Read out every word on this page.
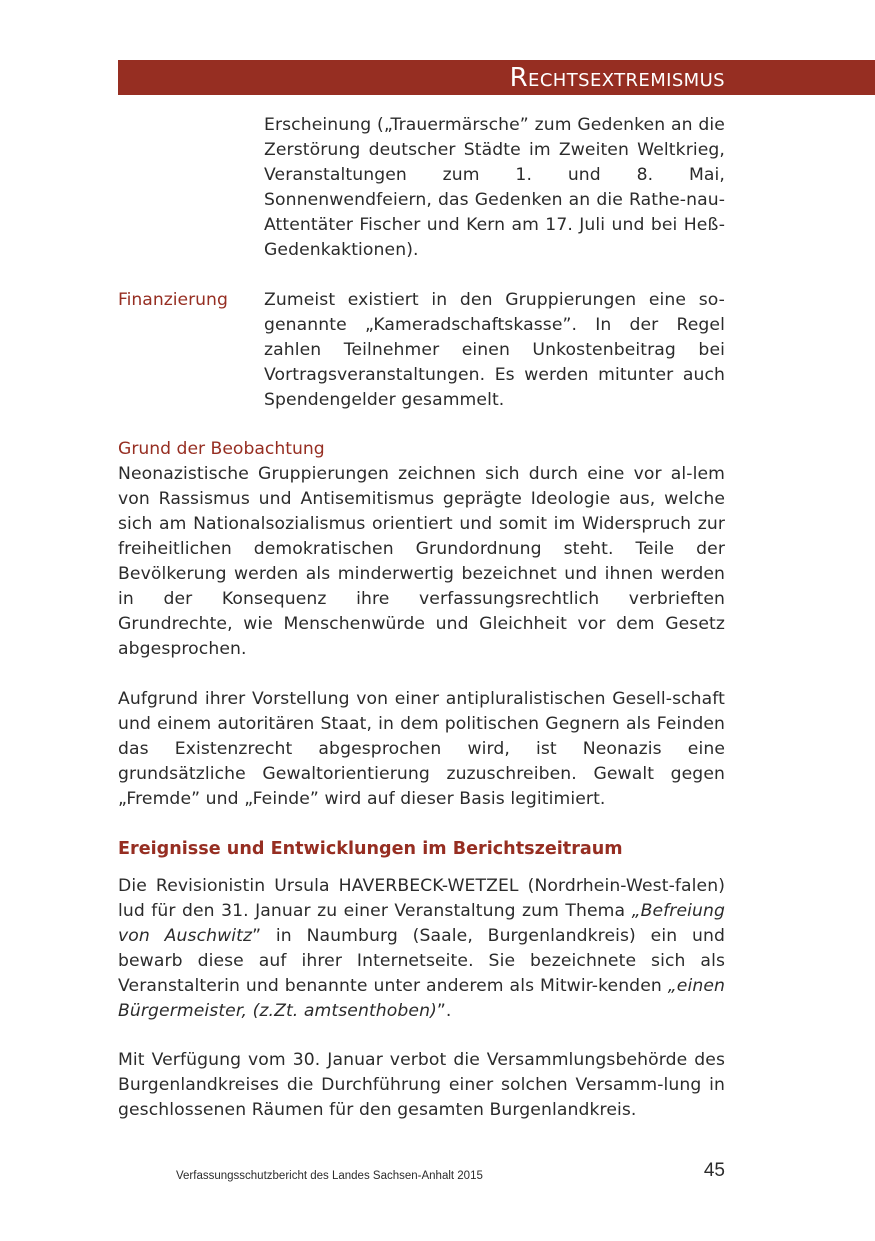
Rechtsextremismus

Erscheinung („Trauermärsche” zum Gedenken an die Zerstörung deutscher Städte im Zweiten Weltkrieg, Veranstaltungen zum 1. und 8. Mai, Sonnenwendfeiern, das Gedenken an die Rathe-nau-Attentäter Fischer und Kern am 17. Juli und bei Heß-Gedenkaktionen).

Finanzierung Zumeist existiert in den Gruppierungen eine so-genannte „Kameradschaftskasse”. In der Regel zahlen Teilnehmer einen Unkostenbeitrag bei Vortragsveranstaltungen. Es werden mitunter auch Spendengelder gesammelt.

Grund der Beobachtung

Neonazistische Gruppierungen zeichnen sich durch eine vor al-lem von Rassismus und Antisemitismus geprägte Ideologie aus, welche sich am Nationalsozialismus orientiert und somit im Widerspruch zur freiheitlichen demokratischen Grundordnung steht. Teile der Bevölkerung werden als minderwertig bezeichnet und ihnen werden in der Konsequenz ihre verfassungsrechtlich verbrieften Grundrechte, wie Menschenwürde und Gleichheit vor dem Gesetz abgesprochen.

Aufgrund ihrer Vorstellung von einer antipluralistischen Gesell-schaft und einem autoritären Staat, in dem politischen Gegnern als Feinden das Existenzrecht abgesprochen wird, ist Neonazis eine grundsätzliche Gewaltorientierung zuzuschreiben. Gewalt gegen „Fremde” und „Feinde” wird auf dieser Basis legitimiert.

Ereignisse und Entwicklungen im Berichtszeitraum

Die Revisionistin Ursula HAVERBECK-WETZEL (Nordrhein-West-falen) lud für den 31. Januar zu einer Veranstaltung zum Thema „Befreiung von Auschwitz” in Naumburg (Saale, Burgenlandkreis) ein und bewarb diese auf ihrer Internetseite. Sie bezeichnete sich als Veranstalterin und benannte unter anderem als Mitwir-kenden „einen Bürgermeister, (z.Zt. amtsenthoben)”.

Mit Verfügung vom 30. Januar verbot die Versammlungsbehörde des Burgenlandkreises die Durchführung einer solchen Versamm-lung in geschlossenen Räumen für den gesamten Burgenlandkreis.

Verfassungsschutzbericht des Landes Sachsen-Anhalt 2015	45
